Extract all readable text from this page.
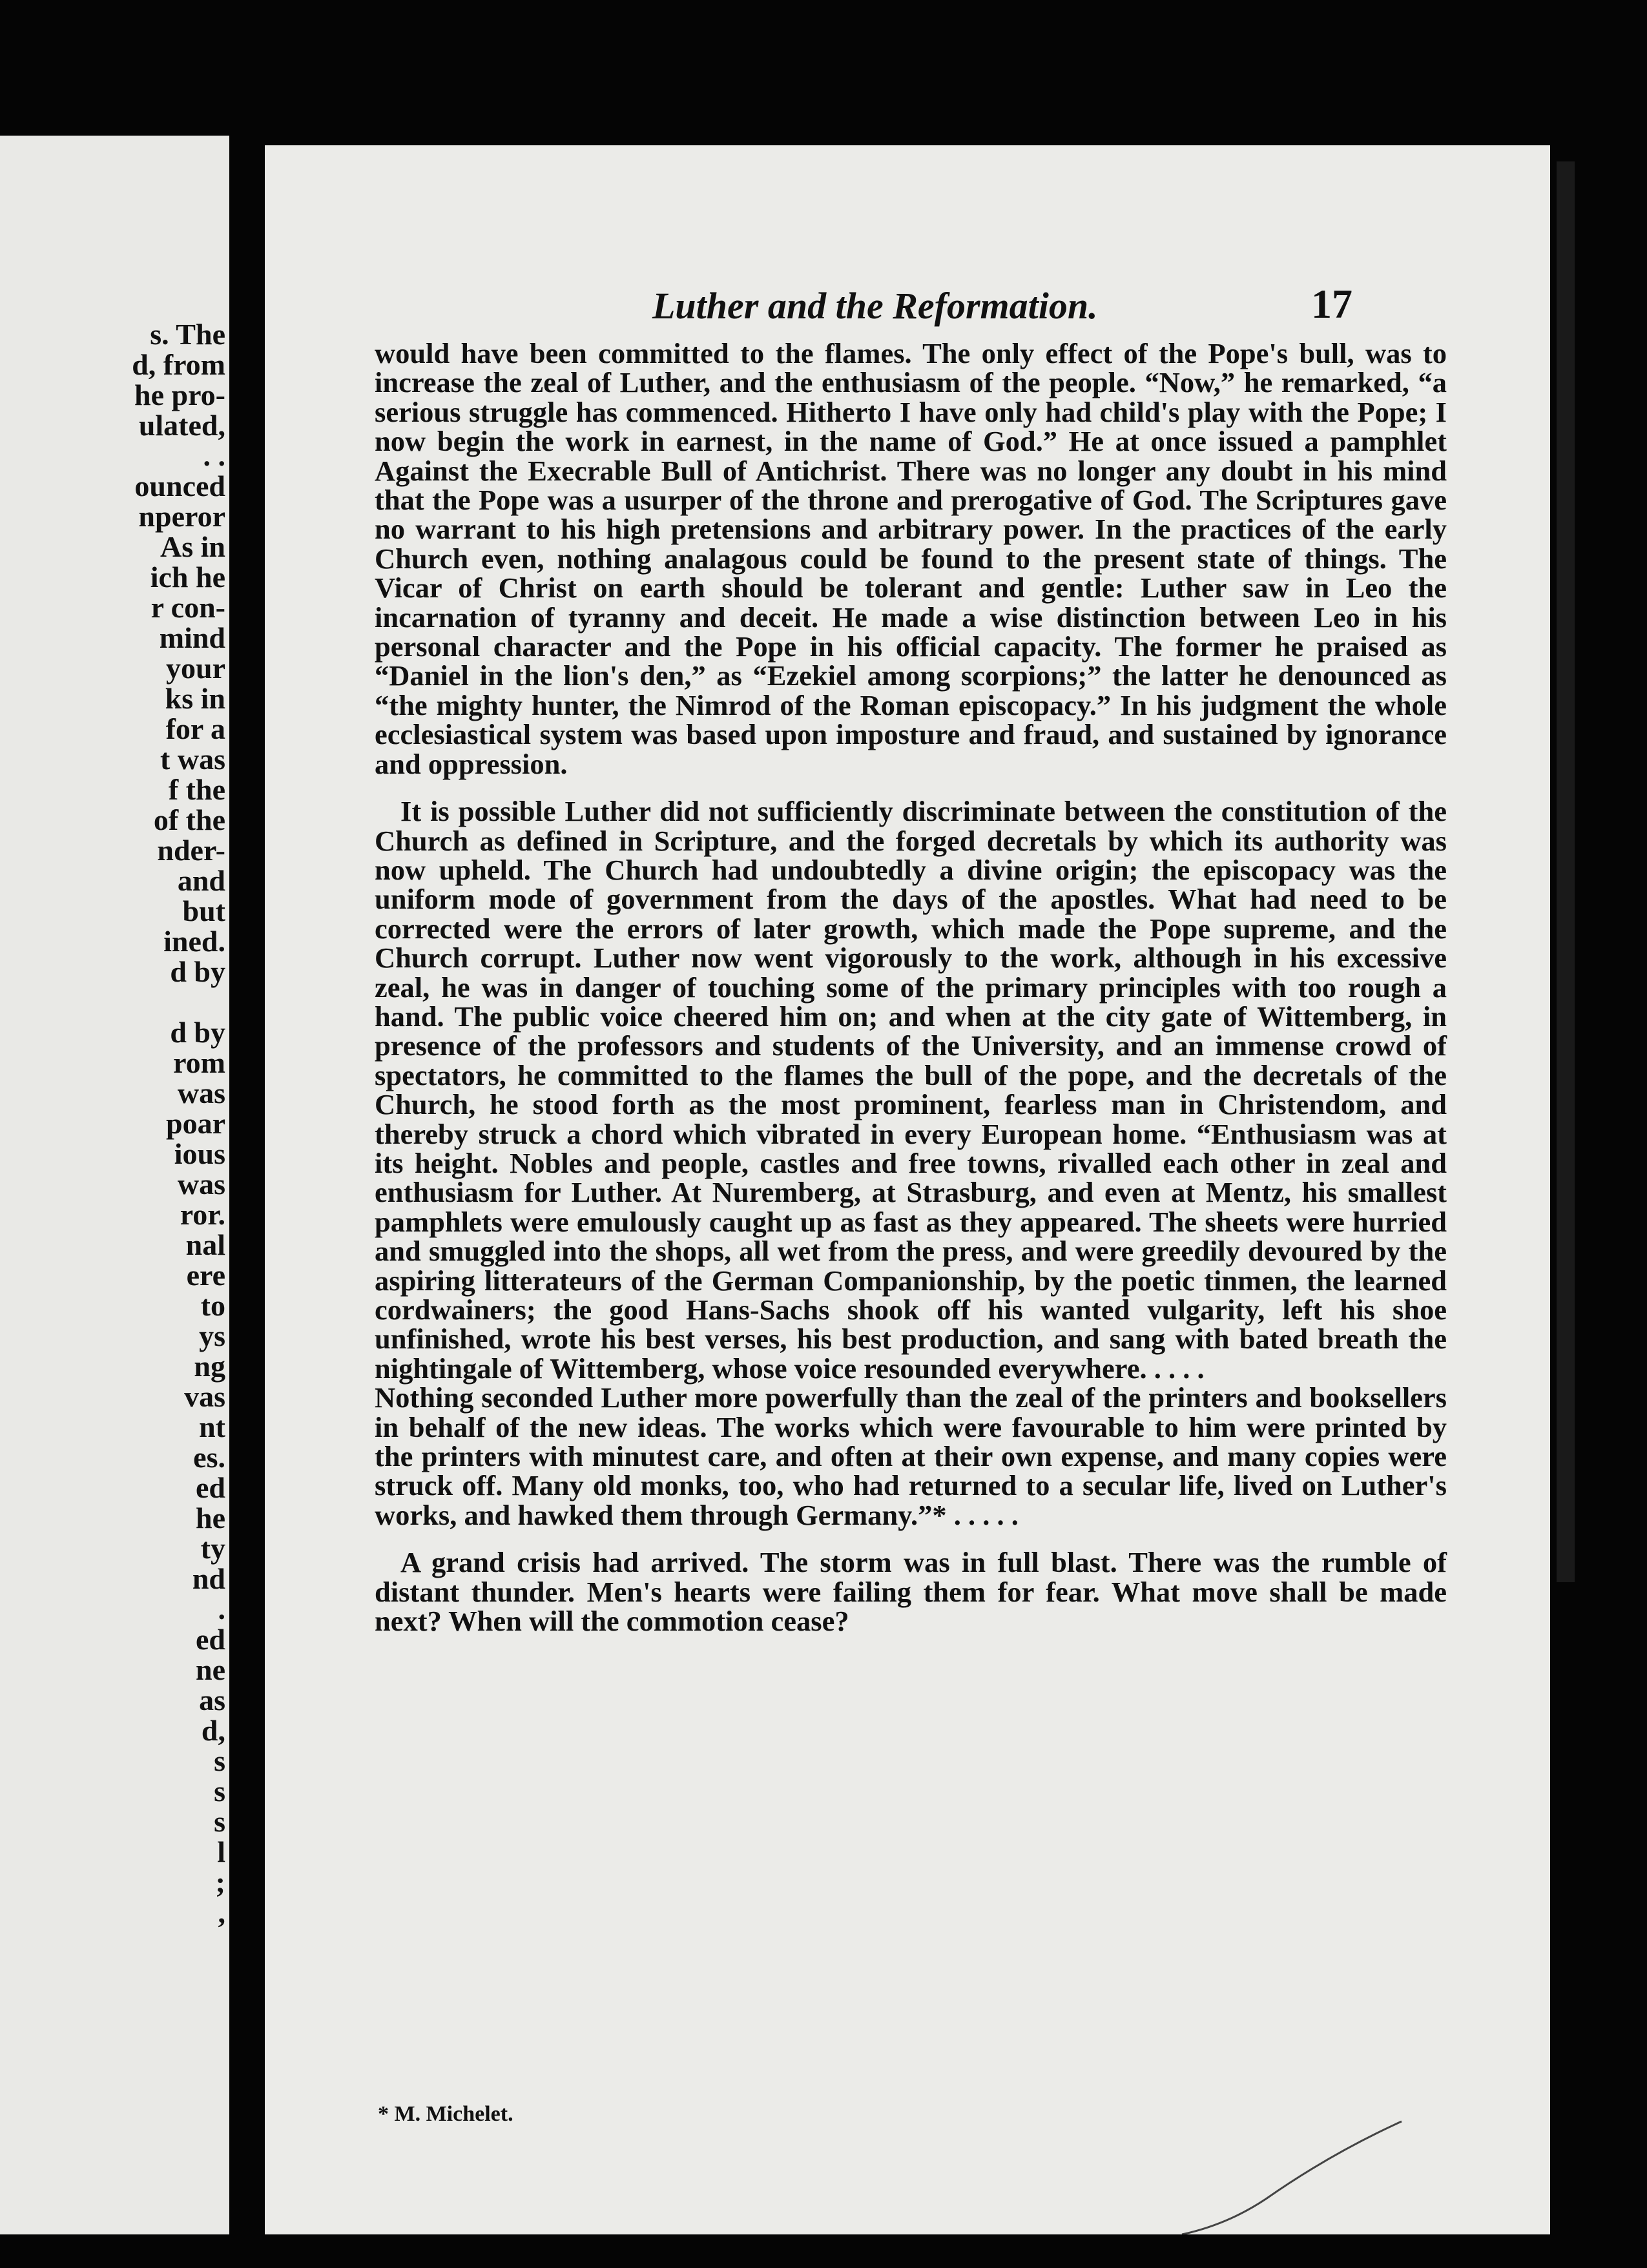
s. The
d, from
he pro-
ulated,
. .
ounced
nperor
As in
ich he
r con-
mind
your
ks in
for a
t was
f the
of the
nder-
and
but
ined.
d by
d by
rom
was
poar
ious
was
ror.
nal
ere
to
ys
ng
vas
nt
es.
ed
he
ty
nd
.
ed
ne
as
d,
s
s
s
l
;
,
Luther and the Reformation.	17

would have been committed to the flames. The only effect of the Pope's bull, was to increase the zeal of Luther, and the enthusiasm of the people. “Now,” he remarked, “a serious struggle has commenced. Hitherto I have only had child's play with the Pope; I now begin the work in earnest, in the name of God.” He at once issued a pamphlet Against the Execrable Bull of Antichrist. There was no longer any doubt in his mind that the Pope was a usurper of the throne and prerogative of God. The Scriptures gave no warrant to his high pretensions and arbitrary power. In the practices of the early Church even, nothing analagous could be found to the present state of things. The Vicar of Christ on earth should be tolerant and gentle: Luther saw in Leo the incarnation of tyranny and deceit. He made a wise distinction between Leo in his personal character and the Pope in his official capacity. The former he praised as “Daniel in the lion's den,” as “Ezekiel among scorpions;” the latter he denounced as “the mighty hunter, the Nimrod of the Roman episcopacy.” In his judgment the whole ecclesiastical system was based upon imposture and fraud, and sustained by ignorance and oppression.

It is possible Luther did not sufficiently discriminate between the constitution of the Church as defined in Scripture, and the forged decretals by which its authority was now upheld. The Church had undoubtedly a divine origin; the episcopacy was the uniform mode of government from the days of the apostles. What had need to be corrected were the errors of later growth, which made the Pope supreme, and the Church corrupt. Luther now went vigorously to the work, although in his excessive zeal, he was in danger of touching some of the primary principles with too rough a hand. The public voice cheered him on; and when at the city gate of Wittemberg, in presence of the professors and students of the University, and an immense crowd of spectators, he committed to the flames the bull of the pope, and the decretals of the Church, he stood forth as the most prominent, fearless man in Christendom, and thereby struck a chord which vibrated in every European home. “Enthusiasm was at its height. Nobles and people, castles and free towns, rivalled each other in zeal and enthusiasm for Luther. At Nuremberg, at Strasburg, and even at Mentz, his smallest pamphlets were emulously caught up as fast as they appeared. The sheets were hurried and smuggled into the shops, all wet from the press, and were greedily devoured by the aspiring litterateurs of the German Companionship, by the poetic tinmen, the learned cordwainers; the good Hans-Sachs shook off his wanted vulgarity, left his shoe unfinished, wrote his best verses, his best production, and sang with bated breath the nightingale of Wittemberg, whose voice resounded everywhere. . . . .

Nothing seconded Luther more powerfully than the zeal of the printers and booksellers in behalf of the new ideas. The works which were favourable to him were printed by the printers with minutest care, and often at their own expense, and many copies were struck off. Many old monks, too, who had returned to a secular life, lived on Luther's works, and hawked them through Germany.”* . . . . .

A grand crisis had arrived. The storm was in full blast. There was the rumble of distant thunder. Men's hearts were failing them for fear. What move shall be made next? When will the commotion cease?

* M. Michelet.
